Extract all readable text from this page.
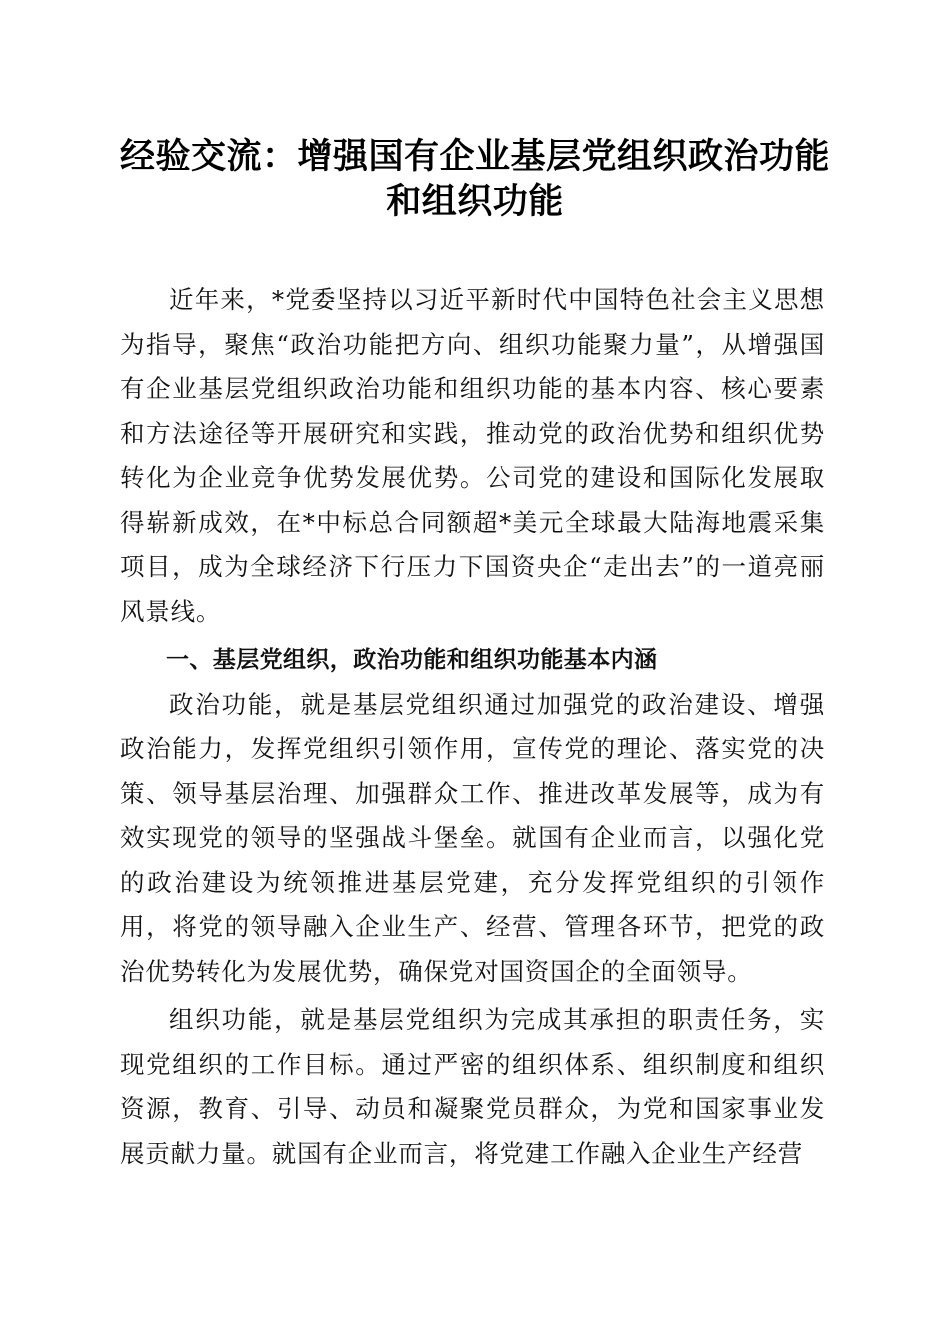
经验交流：增强国有企业基层党组织政治功能
和组织功能

近年来，*党委坚持以习近平新时代中国特色社会主义思想为指导，聚焦“政治功能把方向、组织功能聚力量”，从增强国有企业基层党组织政治功能和组织功能的基本内容、核心要素和方法途径等开展研究和实践，推动党的政治优势和组织优势转化为企业竞争优势发展优势。公司党的建设和国际化发展取得崭新成效，在*中标总合同额超*美元全球最大陆海地震采集项目，成为全球经济下行压力下国资央企“走出去”的一道亮丽风景线。

一、基层党组织，政治功能和组织功能基本内涵

政治功能，就是基层党组织通过加强党的政治建设、增强政治能力，发挥党组织引领作用，宣传党的理论、落实党的决策、领导基层治理、加强群众工作、推进改革发展等，成为有效实现党的领导的坚强战斗堡垒。就国有企业而言，以强化党的政治建设为统领推进基层党建，充分发挥党组织的引领作用，将党的领导融入企业生产、经营、管理各环节，把党的政治优势转化为发展优势，确保党对国资国企的全面领导。

组织功能，就是基层党组织为完成其承担的职责任务，实现党组织的工作目标。通过严密的组织体系、组织制度和组织资源，教育、引导、动员和凝聚党员群众，为党和国家事业发展贡献力量。就国有企业而言，将党建工作融入企业生产经营
